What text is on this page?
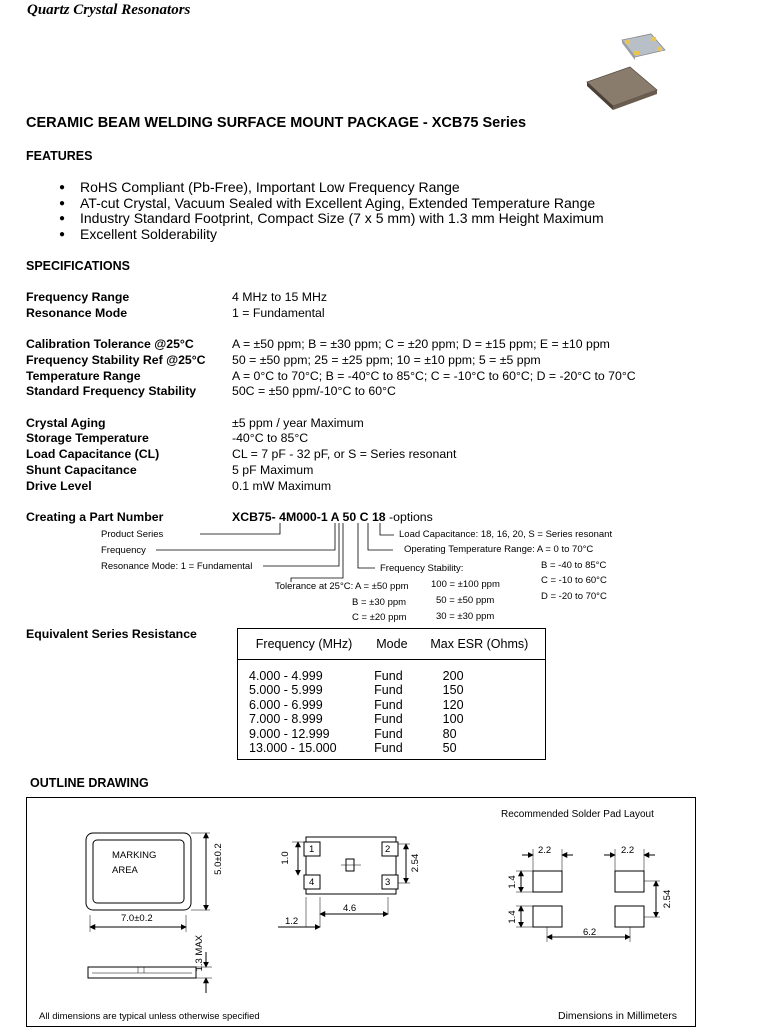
Quartz Crystal Resonators
CERAMIC BEAM WELDING SURFACE MOUNT PACKAGE - XCB75 Series
FEATURES
● RoHS Compliant (Pb-Free), Important Low Frequency Range
● AT-cut Crystal, Vacuum Sealed with Excellent Aging, Extended Temperature Range
● Industry Standard Footprint, Compact Size (7 x 5 mm) with 1.3 mm Height Maximum
● Excellent Solderability
SPECIFICATIONS
Frequency Range	4 MHz to 15 MHz
Resonance Mode	1 = Fundamental
Calibration Tolerance @25°C	A = ±50 ppm; B = ±30 ppm; C = ±20 ppm; D = ±15 ppm; E = ±10 ppm
Frequency Stability Ref @25°C 50 = ±50 ppm; 25 = ±25 ppm; 10 = ±10 ppm; 5 = ±5 ppm
Temperature Range	A = 0°C to 70°C; B = -40°C to 85°C; C = -10°C to 60°C; D = -20°C to 70°C
Standard Frequency Stability	50C = ±50 ppm/-10°C to 60°C
Crystal Aging	±5 ppm / year Maximum
Storage Temperature	-40°C to 85°C
Load Capacitance (CL)	CL = 7 pF - 32 pF, or S = Series resonant
Shunt Capacitance	5 pF Maximum
Drive Level	0.1 mW Maximum
Creating a Part Number	XCB75- 4M000-1 A 50 C 18 -options
Product Series
Frequency
Resonance Mode: 1 = Fundamental
Tolerance at 25°C: A = ±50 ppm
B = ±30 ppm
C = ±20 ppm
Frequency Stability:
100 = ±100 ppm
50 = ±50 ppm
30 = ±30 ppm
Operating Temperature Range: A = 0 to 70°C
B = -40 to 85°C
C = -10 to 60°C
D = -20 to 70°C
Load Capacitance: 18, 16, 20, S = Series resonant
Equivalent Series Resistance
Frequency (MHz)	Mode	Max ESR (Ohms)
4.000 - 4.999	Fund	200
5.000 - 5.999	Fund	150
6.000 - 6.999	Fund	120
7.000 - 8.999	Fund	100
9.000 - 12.999	Fund	80
13.000 - 15.000	Fund	50
OUTLINE DRAWING
MARKING
AREA
7.0±0.2
5.0±0.2
1.3 MAX
1	2
3
4
1.0	2.54
4.6
1.2
Recommended Solder Pad Layout
2.2	2.2
1.4
1.4
2.54
6.2
All dimensions are typical unless otherwise specified	Dimensions in Millimeters
